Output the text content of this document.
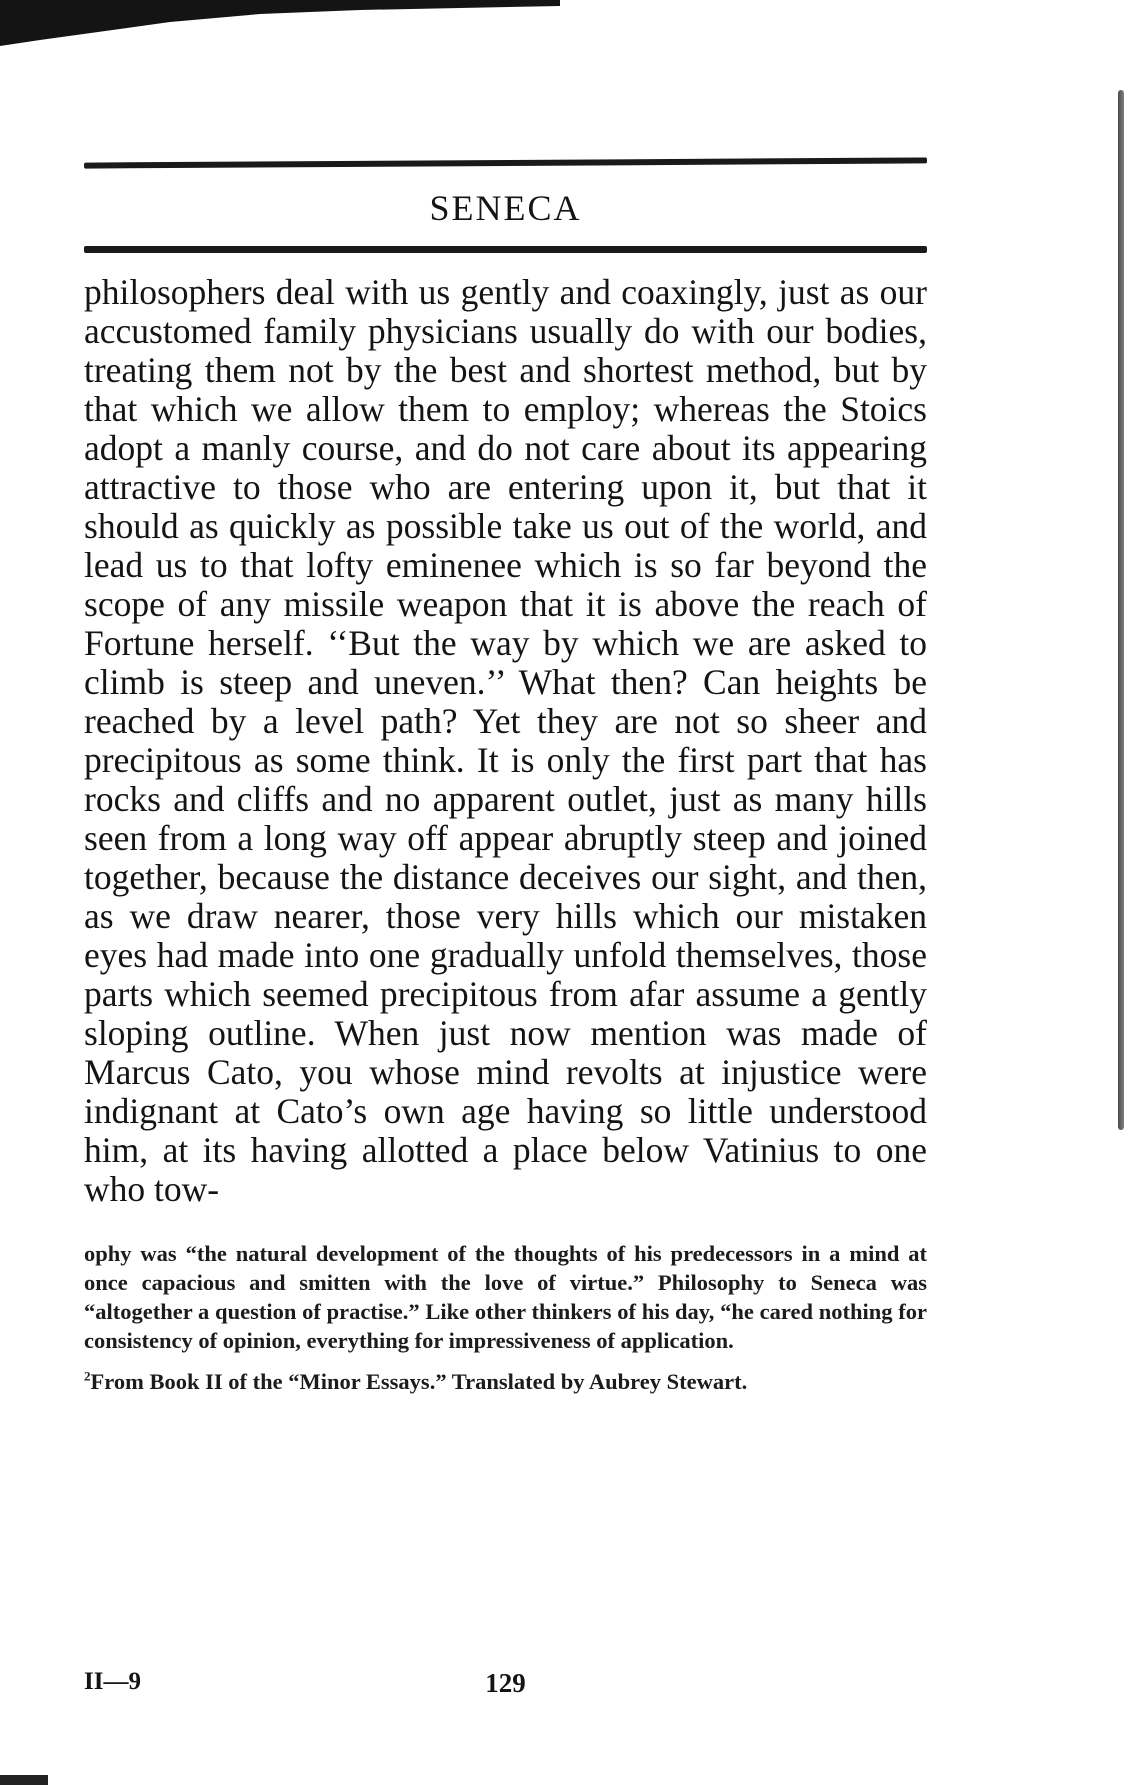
SENECA
philosophers deal with us gently and coaxingly, just as our accustomed family physicians usually do with our bodies, treating them not by the best and shortest method, but by that which we allow them to employ; whereas the Stoics adopt a manly course, and do not care about its appearing attractive to those who are entering upon it, but that it should as quickly as possible take us out of the world, and lead us to that lofty eminenee which is so far beyond the scope of any missile weapon that it is above the reach of Fortune herself. ‘‘But the way by which we are asked to climb is steep and uneven.’’ What then? Can heights be reached by a level path? Yet they are not so sheer and precipitous as some think. It is only the first part that has rocks and cliffs and no apparent outlet, just as many hills seen from a long way off appear abruptly steep and joined together, because the distance deceives our sight, and then, as we draw nearer, those very hills which our mistaken eyes had made into one gradually unfold themselves, those parts which seemed precipitous from afar assume a gently sloping outline. When just now mention was made of Marcus Cato, you whose mind revolts at injustice were indignant at Cato’s own age having so little understood him, at its having allotted a place below Vatinius to one who tow-

ophy was “the natural development of the thoughts of his predecessors in a mind at once capacious and smitten with the love of virtue.” Philosophy to Seneca was “altogether a question of practise.” Like other thinkers of his day, “he cared nothing for consistency of opinion, everything for impressiveness of application.

$^2$From Book II of the “Minor Essays.” Translated by Aubrey Stewart.

II—9	129
